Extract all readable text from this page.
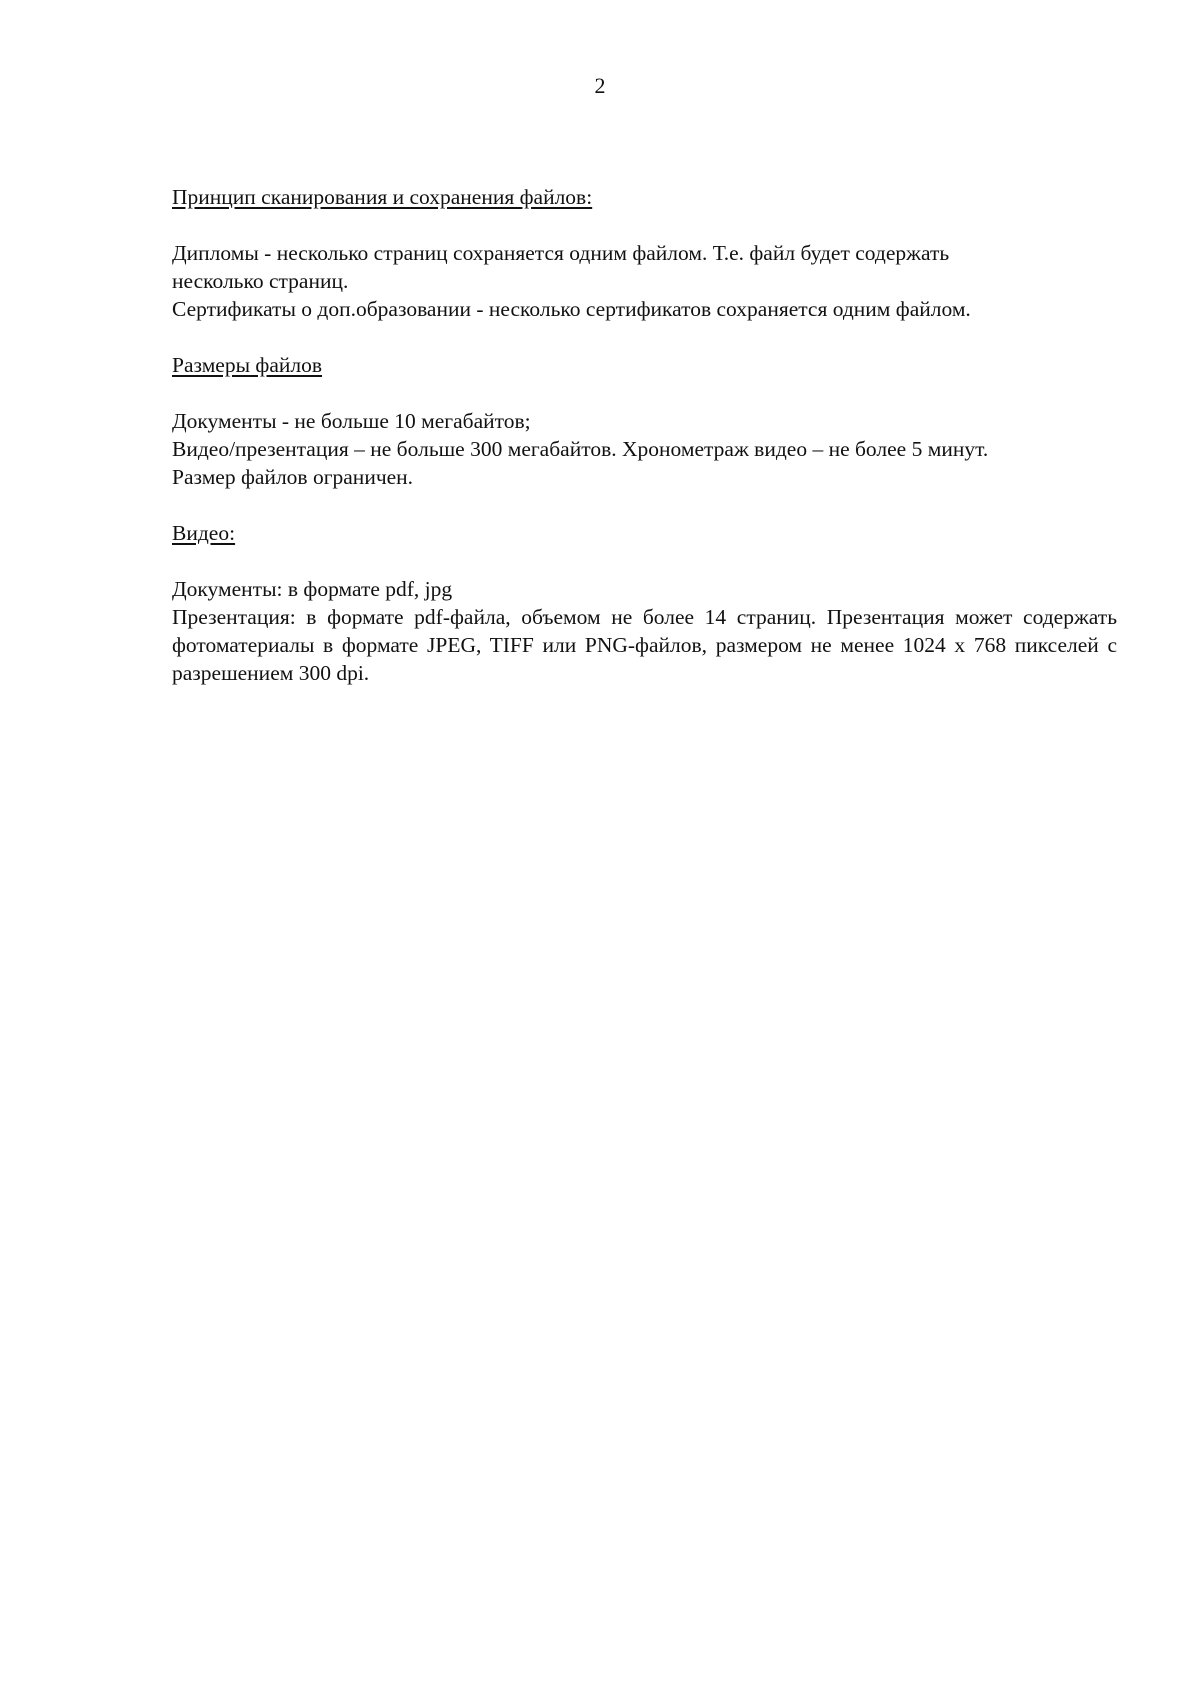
2

Принцип сканирования и сохранения файлов:

Дипломы - несколько страниц сохраняется одним файлом. Т.е. файл будет содержать несколько страниц.

Сертификаты о доп.образовании - несколько сертификатов сохраняется одним файлом.

Размеры файлов

Документы - не больше 10 мегабайтов;

Видео/презентация – не больше 300 мегабайтов. Хронометраж видео – не более 5 минут.

Размер файлов ограничен.

Видео:

Документы: в формате pdf, jpg

Презентация: в формате pdf-файла, объемом не более 14 страниц. Презентация может содержать фотоматериалы в формате JPEG, TIFF или PNG-файлов, размером не менее 1024 х 768 пикселей с разрешением 300 dpi.
